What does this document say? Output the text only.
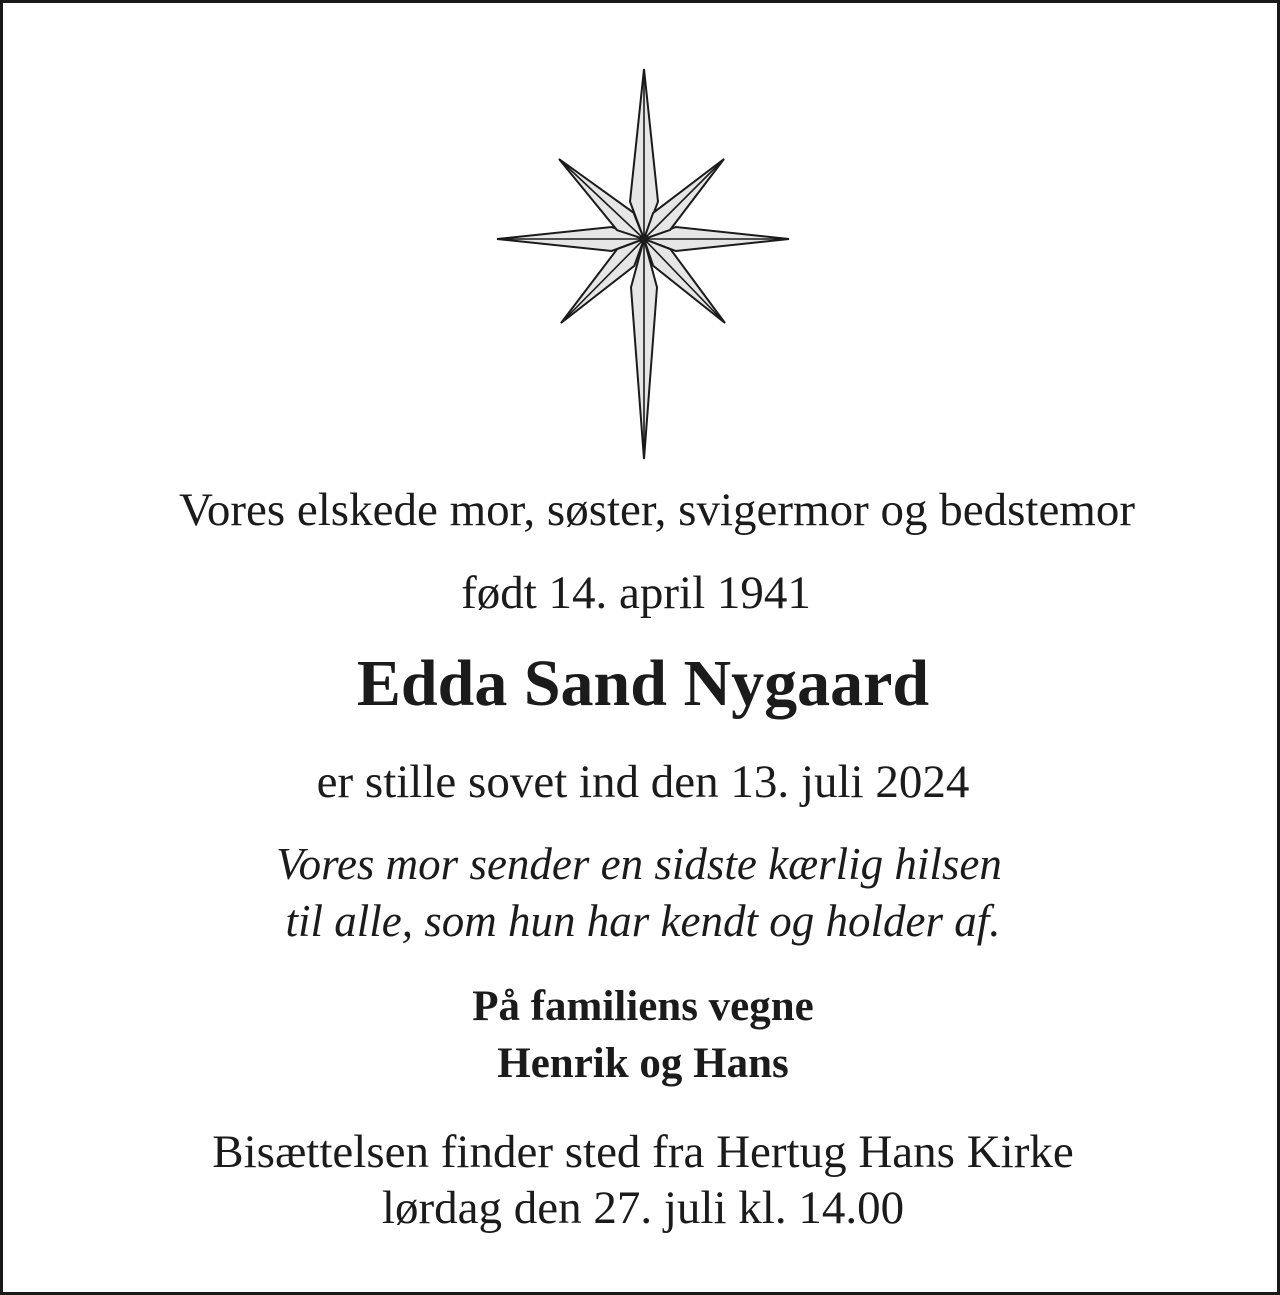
Vores elskede mor, søster, svigermor og bedstemor
født 14. april 1941
Edda Sand Nygaard
er stille sovet ind den 13. juli 2024
Vores mor sender en sidste kærlig hilsen
til alle, som hun har kendt og holder af.
På familiens vegne
Henrik og Hans
Bisættelsen finder sted fra Hertug Hans Kirke
lørdag den 27. juli kl. 14.00
